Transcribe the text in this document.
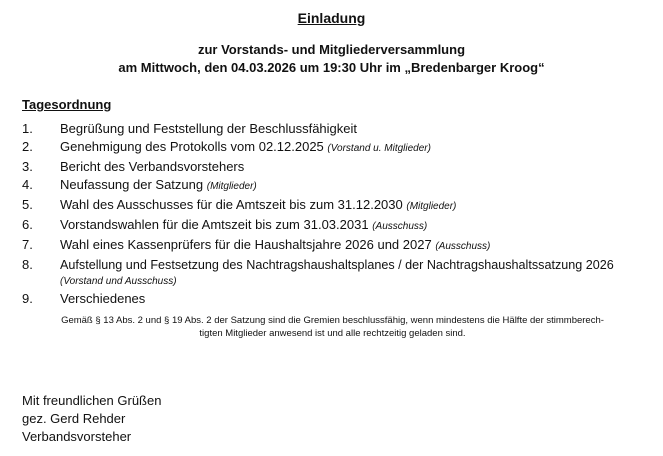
Einladung
zur Vorstands- und Mitgliederversammlung
am Mittwoch, den 04.03.2026 um 19:30 Uhr im „Bredenbarger Kroog“
Tagesordnung
1.	Begrüßung und Feststellung der Beschlussfähigkeit
2.	Genehmigung des Protokolls vom 02.12.2025 (Vorstand u. Mitglieder)
3.	Bericht des Verbandsvorstehers
4.	Neufassung der Satzung (Mitglieder)
5.	Wahl des Ausschusses für die Amtszeit bis zum 31.12.2030 (Mitglieder)
6.	Vorstandswahlen für die Amtszeit bis zum 31.03.2031 (Ausschuss)
7.	Wahl eines Kassenprüfers für die Haushaltsjahre 2026 und 2027 (Ausschuss)
8.	Aufstellung und Festsetzung des Nachtragshaushaltsplanes / der Nachtragshaushaltssatzung 2026
(Vorstand und Ausschuss)
9.	Verschiedenes
Gemäß § 13 Abs. 2 und § 19 Abs. 2 der Satzung sind die Gremien beschlussfähig, wenn mindestens die Hälfte der stimmberech-
tigten Mitglieder anwesend ist und alle rechtzeitig geladen sind.
Mit freundlichen Grüßen
gez. Gerd Rehder
Verbandsvorsteher
